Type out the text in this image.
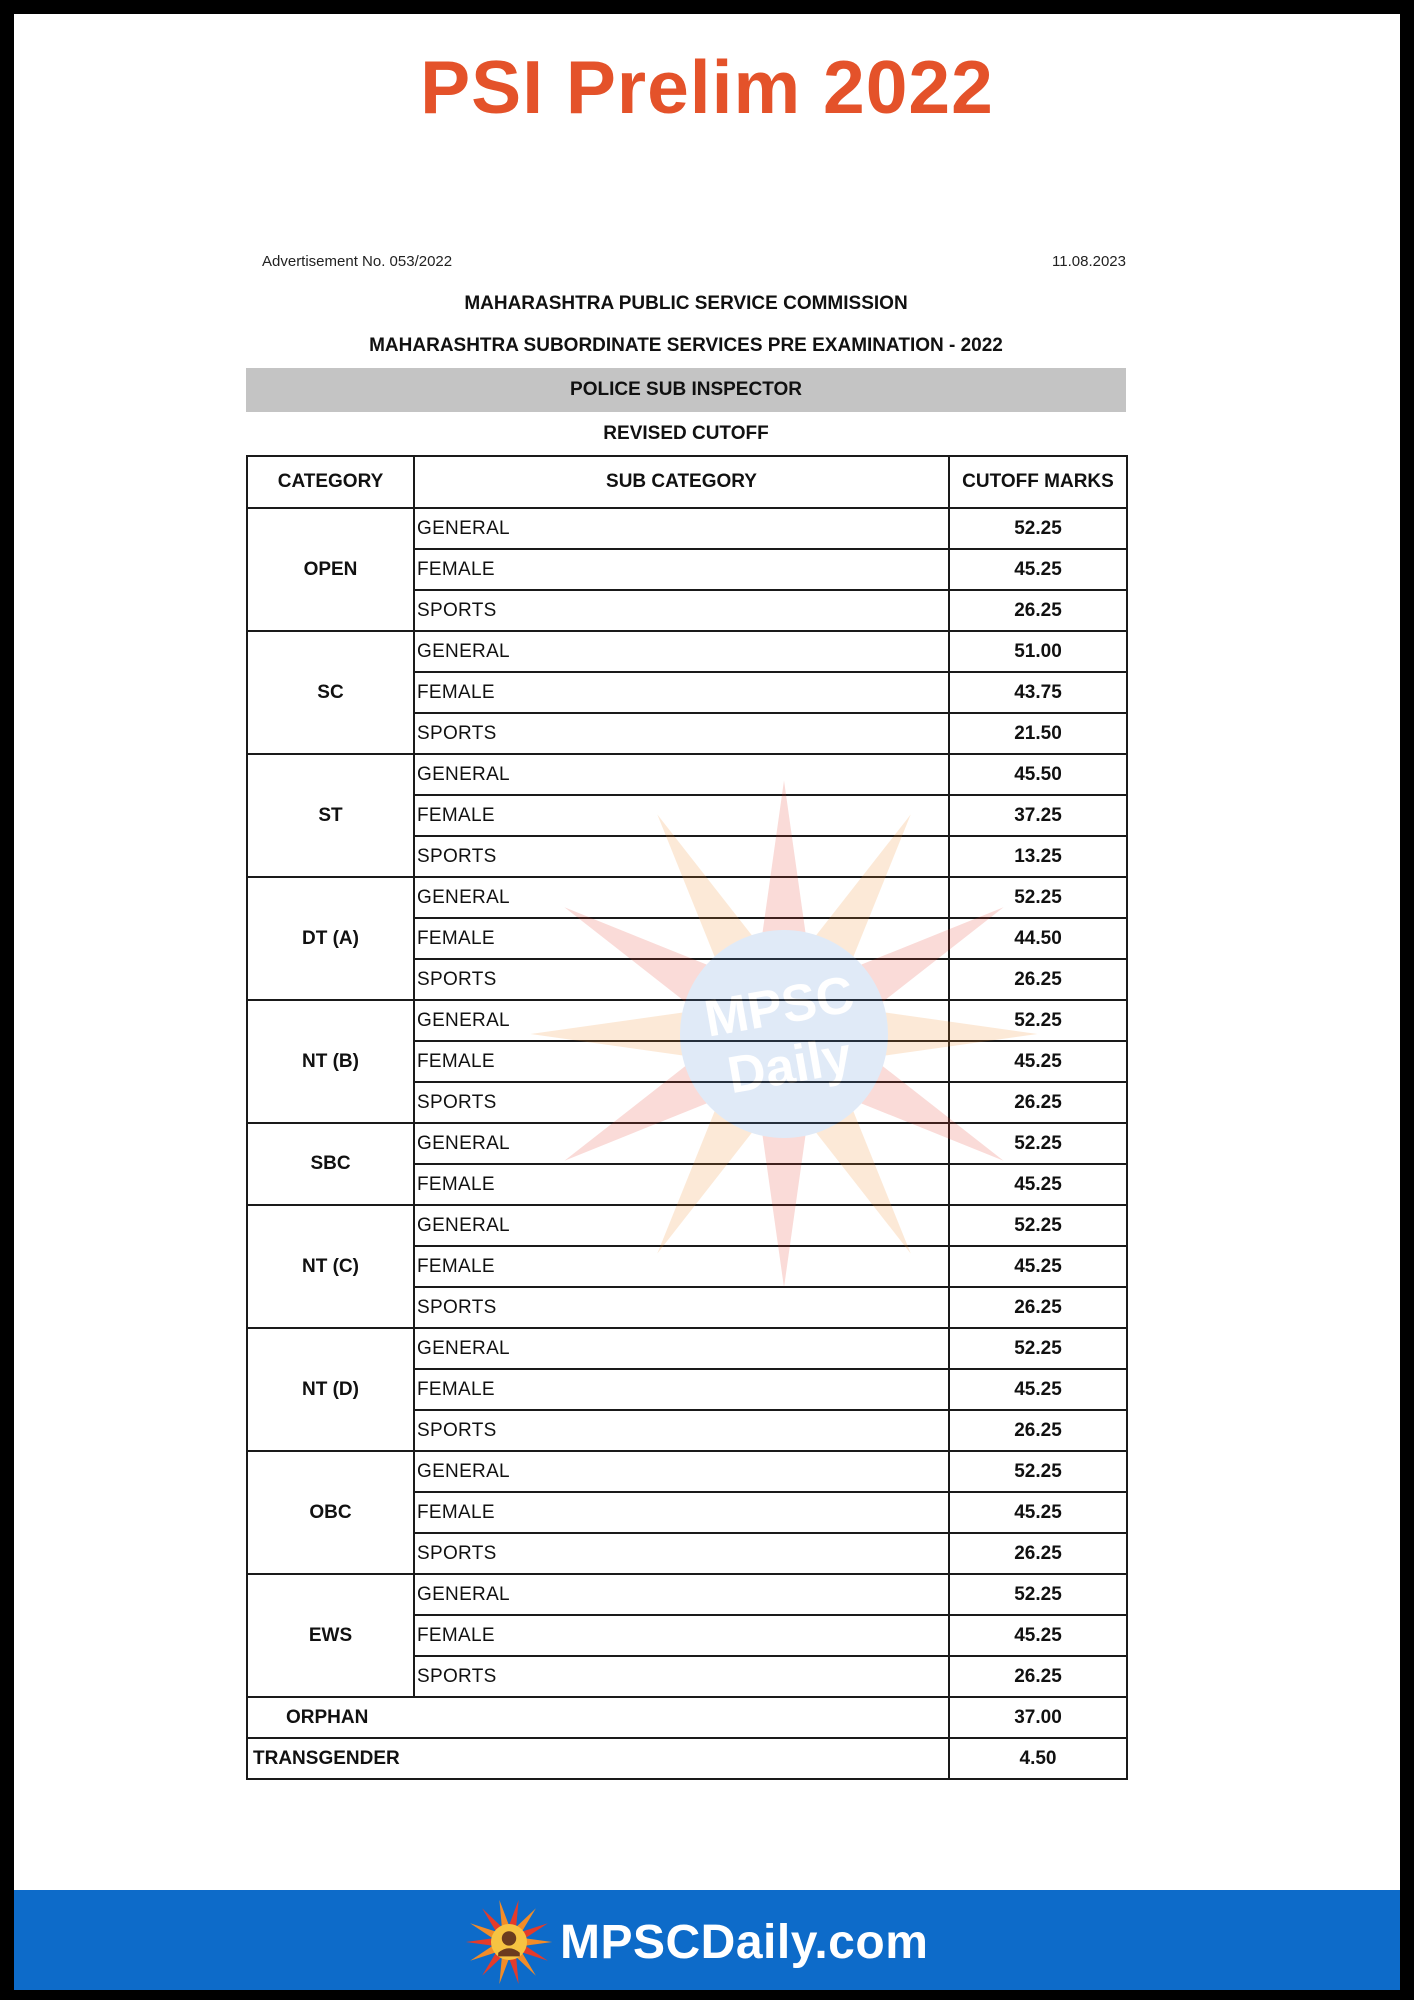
PSI Prelim 2022
Advertisement No. 053/2022	11.08.2023
MAHARASHTRA PUBLIC SERVICE COMMISSION
MAHARASHTRA SUBORDINATE SERVICES PRE EXAMINATION - 2022
POLICE SUB INSPECTOR
REVISED CUTOFF
CATEGORY	SUB CATEGORY	CUTOFF MARKS
OPEN	GENERAL	52.25
	FEMALE	45.25
	SPORTS	26.25
SC	GENERAL	51.00
	FEMALE	43.75
	SPORTS	21.50
ST	GENERAL	45.50
	FEMALE	37.25
	SPORTS	13.25
DT (A)	GENERAL	52.25
	FEMALE	44.50
	SPORTS	26.25
NT (B)	GENERAL	52.25
	FEMALE	45.25
	SPORTS	26.25
SBC	GENERAL	52.25
	FEMALE	45.25
NT (C)	GENERAL	52.25
	FEMALE	45.25
	SPORTS	26.25
NT (D)	GENERAL	52.25
	FEMALE	45.25
	SPORTS	26.25
OBC	GENERAL	52.25
	FEMALE	45.25
	SPORTS	26.25
EWS	GENERAL	52.25
	FEMALE	45.25
	SPORTS	26.25
ORPHAN		37.00
TRANSGENDER		4.50
MPSC
Daily
MPSCDaily.com
